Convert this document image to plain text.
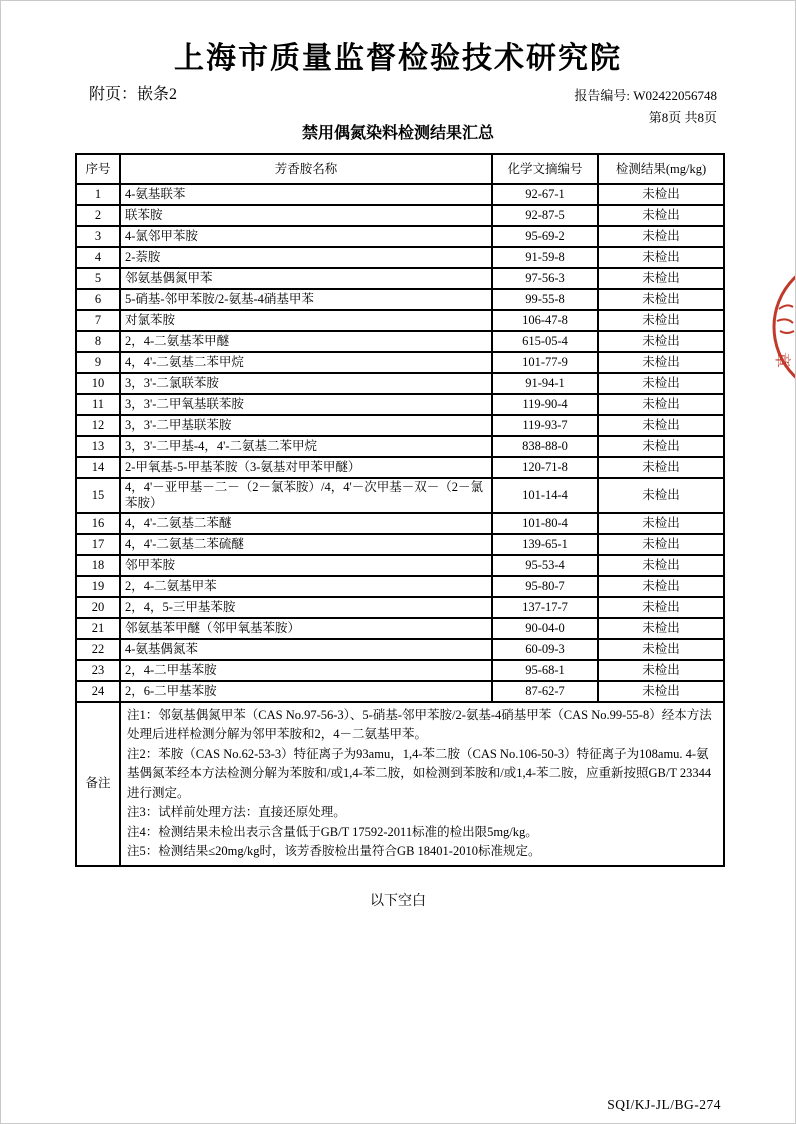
上海市质量监督检验技术研究院
附页：嵌条2	报告编号: W02422056748
第8页 共8页
禁用偶氮染料检测结果汇总
序号	芳香胺名称	化学文摘编号	检测结果(mg/kg)
1	4-氨基联苯	92-67-1	未检出
2	联苯胺	92-87-5	未检出
3	4-氯邻甲苯胺	95-69-2	未检出
4	2-萘胺	91-59-8	未检出
5	邻氨基偶氮甲苯	97-56-3	未检出
6	5-硝基-邻甲苯胺/2-氨基-4硝基甲苯	99-55-8	未检出
7	对氯苯胺	106-47-8	未检出
8	2，4-二氨基苯甲醚	615-05-4	未检出
9	4，4'-二氨基二苯甲烷	101-77-9	未检出
10	3，3'-二氯联苯胺	91-94-1	未检出
11	3，3'-二甲氧基联苯胺	119-90-4	未检出
12	3，3'-二甲基联苯胺	119-93-7	未检出
13	3，3'-二甲基-4，4'-二氨基二苯甲烷	838-88-0	未检出
14	2-甲氧基-5-甲基苯胺（3-氨基对甲苯甲醚）	120-71-8	未检出
15	4，4'－亚甲基－二－（2－氯苯胺）/4，4'－次甲基－双－（2－氯苯胺）	101-14-4	未检出
16	4，4'-二氨基二苯醚	101-80-4	未检出
17	4，4'-二氨基二苯硫醚	139-65-1	未检出
18	邻甲苯胺	95-53-4	未检出
19	2，4-二氨基甲苯	95-80-7	未检出
20	2，4，5-三甲基苯胺	137-17-7	未检出
21	邻氨基苯甲醚（邻甲氧基苯胺）	90-04-0	未检出
22	4-氨基偶氮苯	60-09-3	未检出
23	2，4-二甲基苯胺	95-68-1	未检出
24	2，6-二甲基苯胺	87-62-7	未检出
备注	注1：邻氨基偶氮甲苯（CAS No.97-56-3）、5-硝基-邻甲苯胺/2-氨基-4硝基甲苯（CAS No.99-55-8）经本方法处理后进样检测分解为邻甲苯胺和2，4－二氨基甲苯。
注2：苯胺（CAS No.62-53-3）特征离子为93amu，1,4-苯二胺（CAS No.106-50-3）特征离子为108amu. 4-氨基偶氮苯经本方法检测分解为苯胺和/或1,4-苯二胺，如检测到苯胺和/或1,4-苯二胺，应重新按照GB/T 23344进行测定。
注3：试样前处理方法：直接还原处理。
注4：检测结果未检出表示含量低于GB/T 17592-2011标准的检出限5mg/kg。
注5：检测结果≤20mg/kg时，该芳香胺检出量符合GB 18401-2010标准规定。		
以下空白
章
SQI/KJ-JL/BG-274
